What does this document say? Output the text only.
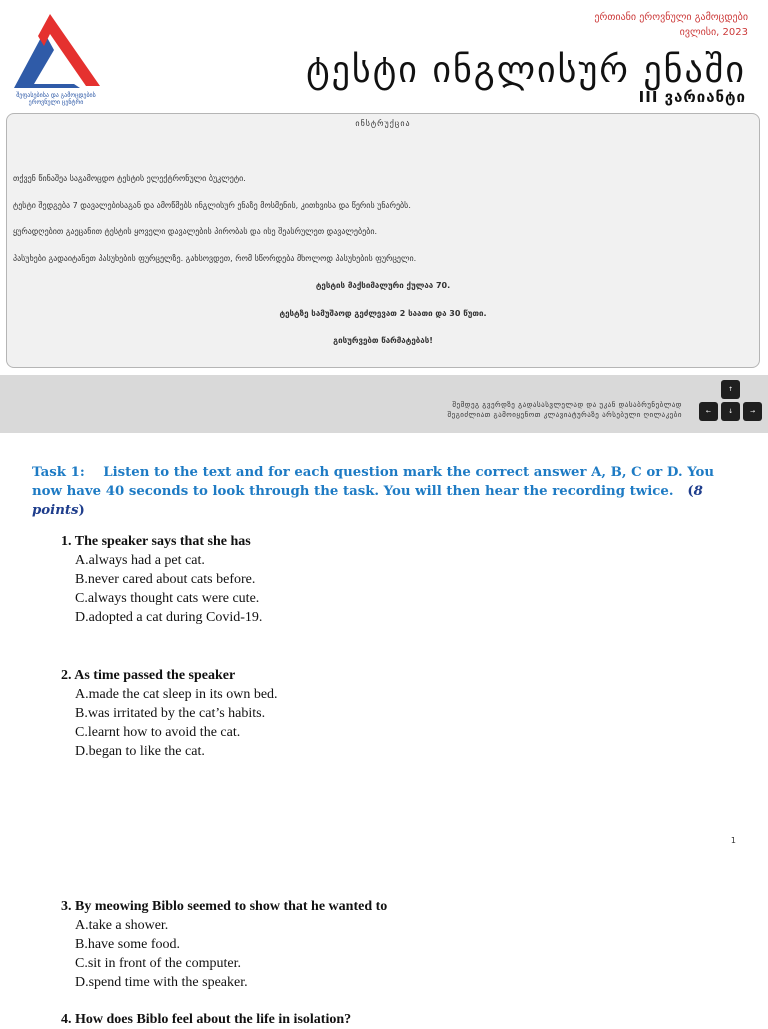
შეფასებისა და გამოცდების
ეროვნული ცენტრი
ერთიანი ეროვნული გამოცდები
ივლისი, 2023
ტესტი ინგლისურ ენაში
III ვარიანტი
ინსტრუქცია
თქვენ წინაშეა საგამოცდო ტესტის ელექტრონული ბუკლეტი.
ტესტი შედგება 7 დავალებისაგან და ამოწმებს ინგლისურ ენაზე მოსმენის, კითხვისა და წერის უნარებს.
ყურადღებით გაეცანით ტესტის ყოველი დავალების პირობას და ისე შეასრულეთ დავალებები.
პასუხები გადაიტანეთ პასუხების ფურცელზე. გახსოვდეთ, რომ სწორდება მხოლოდ პასუხების ფურცელი.
ტესტის მაქსიმალური ქულაა 70.
ტესტზე სამუშაოდ გეძლევათ 2 საათი და 30 წუთი.
გისურვებთ წარმატებას!
შემდეგ გვერდზე გადასასვლელად და უკან დასაბრუნებლად
შეგიძლიათ გამოიყენოთ კლავიატურაზე არსებული ღილაკები
↑
←	↓	→
Task 1: Listen to the text and for each question mark the correct answer A, B, C or D. You now have 40 seconds to look through the task. You will then hear the recording twice. (8 points)
1. The speaker says that she has
A.always had a pet cat.
B.never cared about cats before.
C.always thought cats were cute.
D.adopted a cat during Covid-19.
2. As time passed the speaker
A.made the cat sleep in its own bed.
B.was irritated by the cat’s habits.
C.learnt how to avoid the cat.
D.began to like the cat.
1
3. By meowing Biblo seemed to show that he wanted to
A.take a shower.
B.have some food.
C.sit in front of the computer.
D.spend time with the speaker.
4. How does Biblo feel about the life in isolation?
